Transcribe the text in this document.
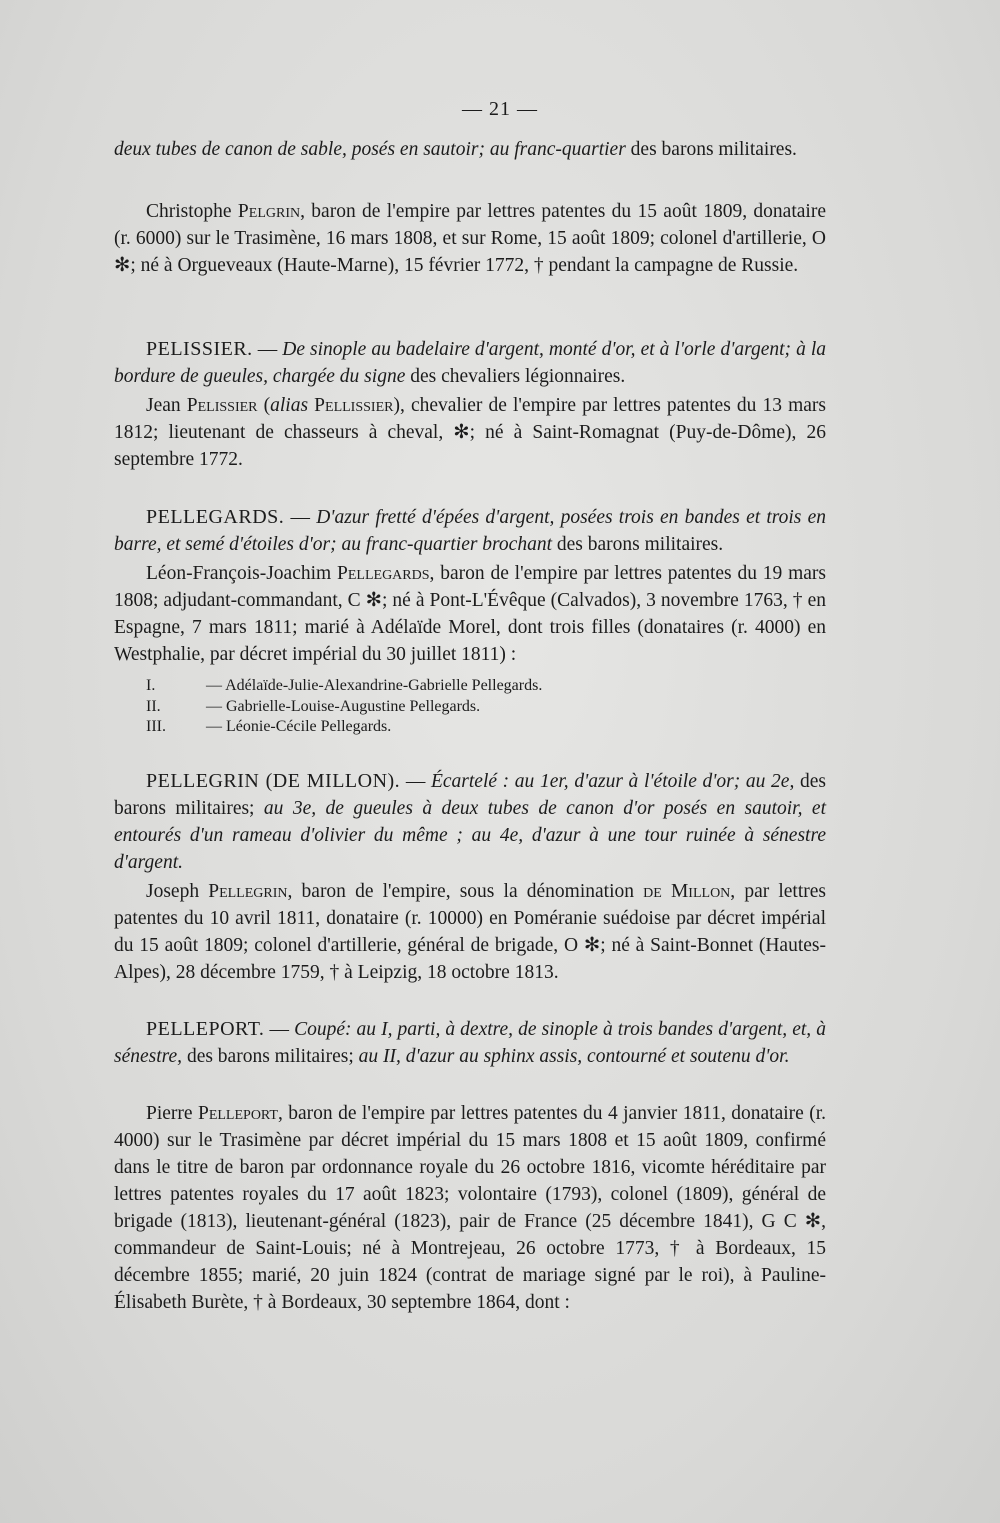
— 21 —

deux tubes de canon de sable, posés en sautoir; au franc-quartier des barons militaires.

Christophe Pelgrin, baron de l'empire par lettres patentes du 15 août 1809, donataire (r. 6000) sur le Trasimène, 16 mars 1808, et sur Rome, 15 août 1809; colonel d'artillerie, O ✻; né à Orgueveaux (Haute-Marne), 15 février 1772, † pendant la campagne de Russie.

PELISSIER. — De sinople au badelaire d'argent, monté d'or, et à l'orle d'argent; à la bordure de gueules, chargée du signe des chevaliers légionnaires.

Jean Pelissier (alias Pellissier), chevalier de l'empire par lettres patentes du 13 mars 1812; lieutenant de chasseurs à cheval, ✻; né à Saint-Romagnat (Puy-de-Dôme), 26 septembre 1772.

PELLEGARDS. — D'azur fretté d'épées d'argent, posées trois en bandes et trois en barre, et semé d'étoiles d'or; au franc-quartier brochant des barons militaires.

Léon-François-Joachim Pellegards, baron de l'empire par lettres patentes du 19 mars 1808; adjudant-commandant, C ✻; né à Pont-L'Évêque (Calvados), 3 novembre 1763, † en Espagne, 7 mars 1811; marié à Adélaïde Morel, dont trois filles (donataires (r. 4000) en Westphalie, par décret impérial du 30 juillet 1811) :

I.	— Adélaïde-Julie-Alexandrine-Gabrielle Pellegards.
II.	— Gabrielle-Louise-Augustine Pellegards.
III.	— Léonie-Cécile Pellegards.

PELLEGRIN (DE MILLON). — Écartelé : au 1er, d'azur à l'étoile d'or; au 2e, des barons militaires; au 3e, de gueules à deux tubes de canon d'or posés en sautoir, et entourés d'un rameau d'olivier du même ; au 4e, d'azur à une tour ruinée à sénestre d'argent.

Joseph Pellegrin, baron de l'empire, sous la dénomination de Millon, par lettres patentes du 10 avril 1811, donataire (r. 10000) en Poméranie suédoise par décret impérial du 15 août 1809; colonel d'artillerie, général de brigade, O ✻; né à Saint-Bonnet (Hautes-Alpes), 28 décembre 1759, † à Leipzig, 18 octobre 1813.

PELLEPORT. — Coupé: au I, parti, à dextre, de sinople à trois bandes d'argent, et, à sénestre, des barons militaires; au II, d'azur au sphinx assis, contourné et soutenu d'or.

Pierre Pelleport, baron de l'empire par lettres patentes du 4 janvier 1811, donataire (r. 4000) sur le Trasimène par décret impérial du 15 mars 1808 et 15 août 1809, confirmé dans le titre de baron par ordonnance royale du 26 octobre 1816, vicomte héréditaire par lettres patentes royales du 17 août 1823; volontaire (1793), colonel (1809), général de brigade (1813), lieutenant-général (1823), pair de France (25 décembre 1841), G C ✻, commandeur de Saint-Louis; né à Montrejeau, 26 octobre 1773, † à Bordeaux, 15 décembre 1855; marié, 20 juin 1824 (contrat de mariage signé par le roi), à Pauline-Élisabeth Burète, † à Bordeaux, 30 septembre 1864, dont :
